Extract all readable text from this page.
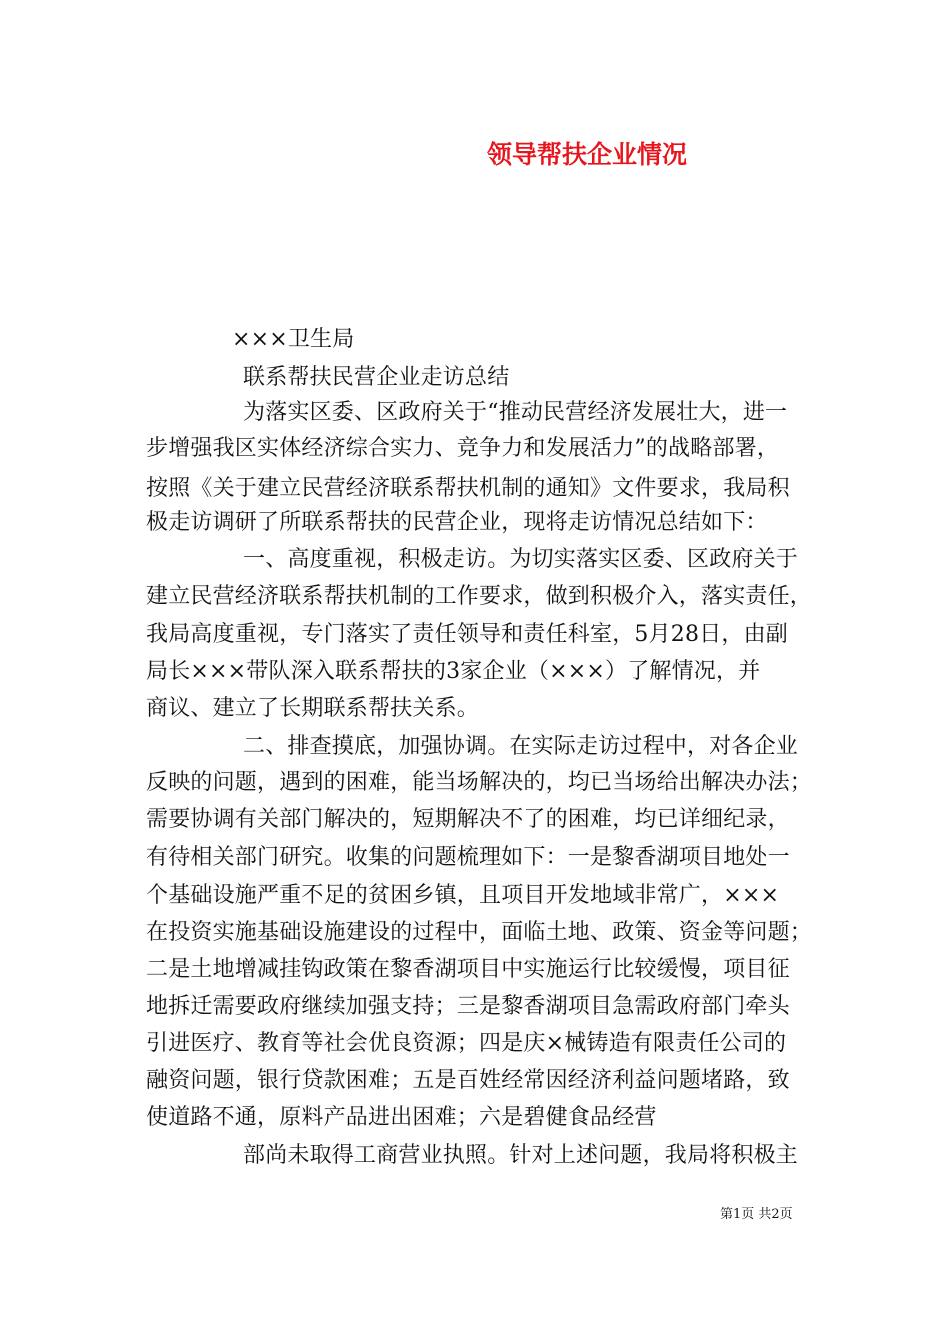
领导帮扶企业情况
×××卫生局
联系帮扶民营企业走访总结
为落实区委、区政府关于“推动民营经济发展壮大，进一
步增强我区实体经济综合实力、竞争力和发展活力”的战略部署，
按照《关于建立民营经济联系帮扶机制的通知》文件要求，我局积
极走访调研了所联系帮扶的民营企业，现将走访情况总结如下：
一、高度重视，积极走访。为切实落实区委、区政府关于
建立民营经济联系帮扶机制的工作要求，做到积极介入，落实责任，
我局高度重视，专门落实了责任领导和责任科室，5月28日，由副
局长×××带队深入联系帮扶的3家企业（×××）了解情况，并
商议、建立了长期联系帮扶关系。
二、排查摸底，加强协调。在实际走访过程中，对各企业
反映的问题，遇到的困难，能当场解决的，均已当场给出解决办法；
需要协调有关部门解决的，短期解决不了的困难，均已详细纪录，
有待相关部门研究。收集的问题梳理如下：一是黎香湖项目地处一
个基础设施严重不足的贫困乡镇，且项目开发地域非常广，×××
在投资实施基础设施建设的过程中，面临土地、政策、资金等问题；
二是土地增减挂钩政策在黎香湖项目中实施运行比较缓慢，项目征
地拆迁需要政府继续加强支持；三是黎香湖项目急需政府部门牵头
引进医疗、教育等社会优良资源；四是庆×械铸造有限责任公司的
融资问题，银行贷款困难；五是百姓经常因经济利益问题堵路，致
使道路不通，原料产品进出困难；六是碧健食品经营
部尚未取得工商营业执照。针对上述问题，我局将积极主
第1页 共2页
